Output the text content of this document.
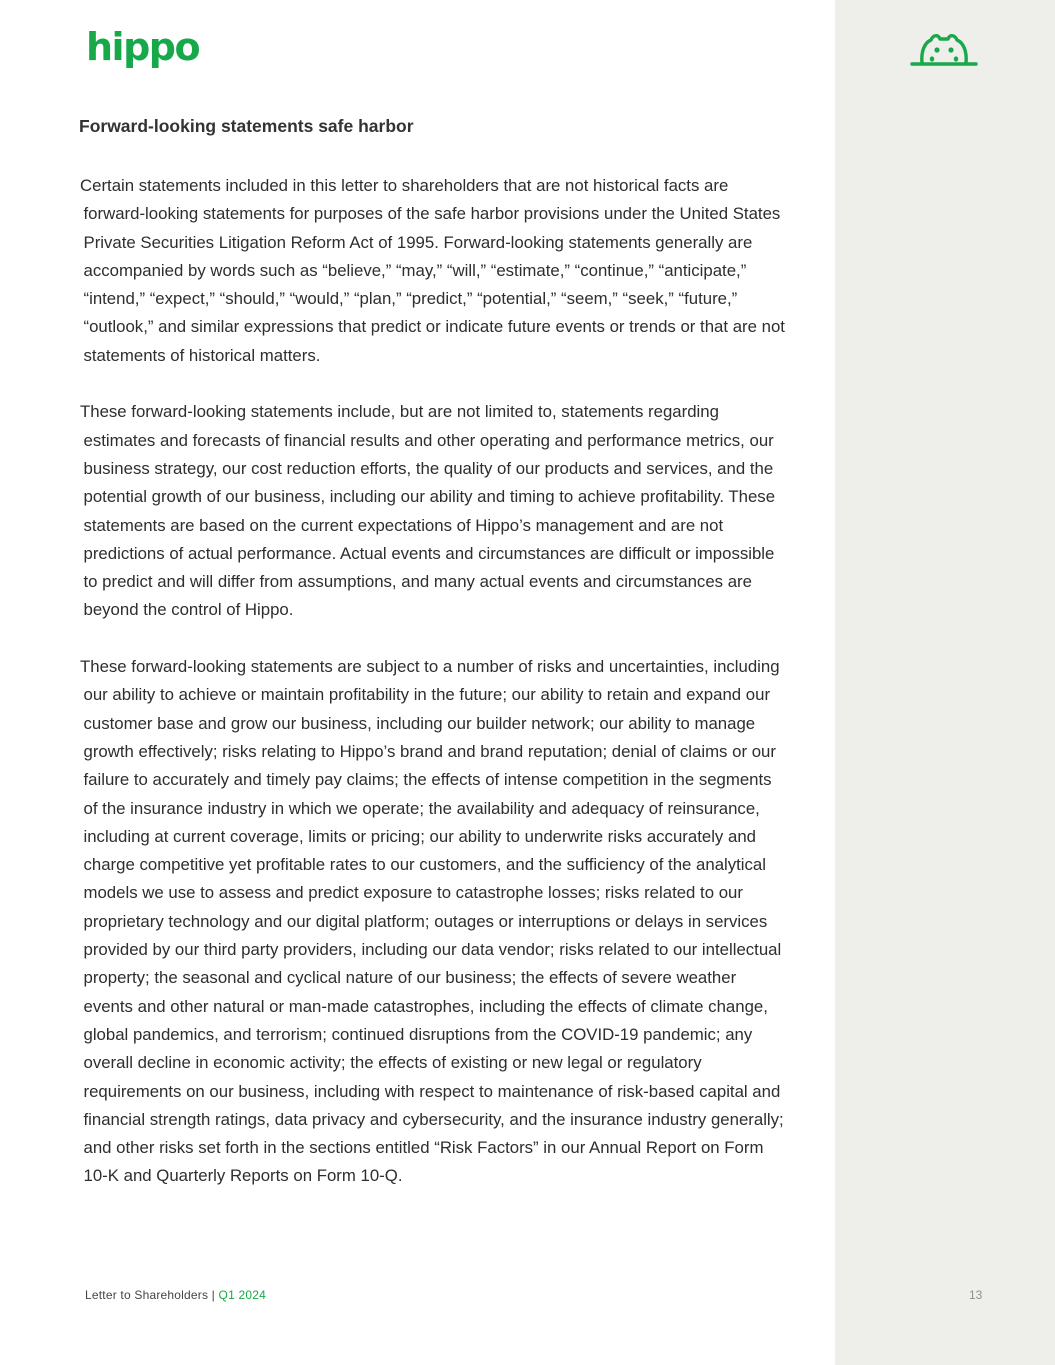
hippo
Forward-looking statements safe harbor

Certain statements included in this letter to shareholders that are not historical facts are forward-looking statements for purposes of the safe harbor provisions under the United States Private Securities Litigation Reform Act of 1995. Forward-looking statements generally are accompanied by words such as “believe,” “may,” “will,” “estimate,” “continue,” “anticipate,” “intend,” “expect,” “should,” “would,” “plan,” “predict,” “potential,” “seem,” “seek,” “future,” “outlook,” and similar expressions that predict or indicate future events or trends or that are not statements of historical matters.

These forward-looking statements include, but are not limited to, statements regarding estimates and forecasts of financial results and other operating and performance metrics, our business strategy, our cost reduction efforts, the quality of our products and services, and the potential growth of our business, including our ability and timing to achieve profitability. These statements are based on the current expectations of Hippo’s management and are not predictions of actual performance. Actual events and circumstances are difficult or impossible to predict and will differ from assumptions, and many actual events and circumstances are beyond the control of Hippo.

These forward-looking statements are subject to a number of risks and uncertainties, including our ability to achieve or maintain profitability in the future; our ability to retain and expand our customer base and grow our business, including our builder network; our ability to manage growth effectively; risks relating to Hippo’s brand and brand reputation; denial of claims or our failure to accurately and timely pay claims; the effects of intense competition in the segments of the insurance industry in which we operate; the availability and adequacy of reinsurance, including at current coverage, limits or pricing; our ability to underwrite risks accurately and charge competitive yet profitable rates to our customers, and the sufficiency of the analytical models we use to assess and predict exposure to catastrophe losses; risks related to our proprietary technology and our digital platform; outages or interruptions or delays in services provided by our third party providers, including our data vendor; risks related to our intellectual property; the seasonal and cyclical nature of our business; the effects of severe weather events and other natural or man-made catastrophes, including the effects of climate change, global pandemics, and terrorism; continued disruptions from the COVID-19 pandemic; any overall decline in economic activity; the effects of existing or new legal or regulatory requirements on our business, including with respect to maintenance of risk-based capital and financial strength ratings, data privacy and cybersecurity, and the insurance industry generally; and other risks set forth in the sections entitled “Risk Factors” in our Annual Report on Form 10-K and Quarterly Reports on Form 10-Q.

Letter to Shareholders | Q1 2024	13
